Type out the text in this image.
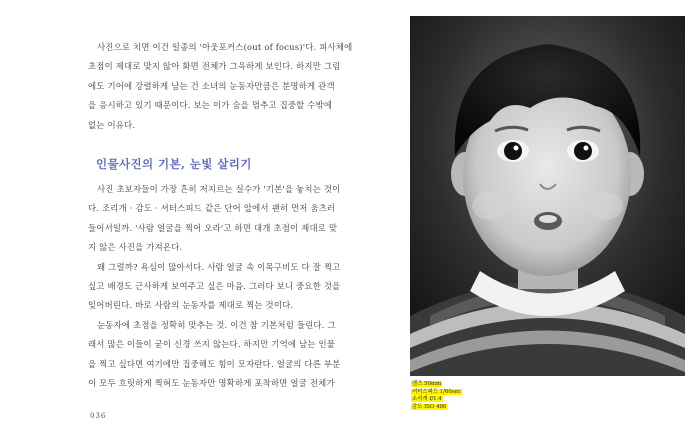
사진으로 치면 이건 일종의 '아웃포커스(out of focus)'다. 피사체에
초점이 제대로 맞지 않아 화면 전체가 그윽하게 보인다. 하지만 그림
에도 기어에 강렬하게 남는 건 소녀의 눈동자만큼은 분명하게 관객
을 응시하고 있기 때문이다. 보는 이가 숨을 멈추고 집중할 수밖에
없는 이유다.
인물사진의 기본, 눈빛 살리기
사진 초보자들이 가장 흔히 저지르는 실수가 '기본'을 놓치는 것이
다. 조리개 · 감도 · 셔터스피드 같은 단어 앞에서 괜히 먼저 움츠러
들어서일까. '사람 얼굴을 찍어 오라'고 하면 대개 초점이 제대로 맞
지 않은 사진을 가져온다.
왜 그럴까? 욕심이 많아서다. 사람 얼굴 속 이목구비도 다 잘 찍고
싶고 배경도 근사하게 보여주고 싶은 마음. 그러다 보니 중요한 것을
잊어버린다. 바로 사람의 눈동자를 제대로 찍는 것이다.
눈동자에 초점을 정확히 맞추는 것. 이건 참 기본처럼 들린다. 그
래서 많은 이들이 굳이 신경 쓰지 않는다. 하지만 기억에 남는 인물
을 찍고 싶다면 여기에만 집중해도 힘이 모자란다. 얼굴의 다른 부분
이 모두 흐릿하게 찍혀도 눈동자만 명확하게 포착하면 얼굴 전체가
036
렌즈 50mm
셔터스피드 1/60sec
조리개 f/1.4
감도 ISO 400
